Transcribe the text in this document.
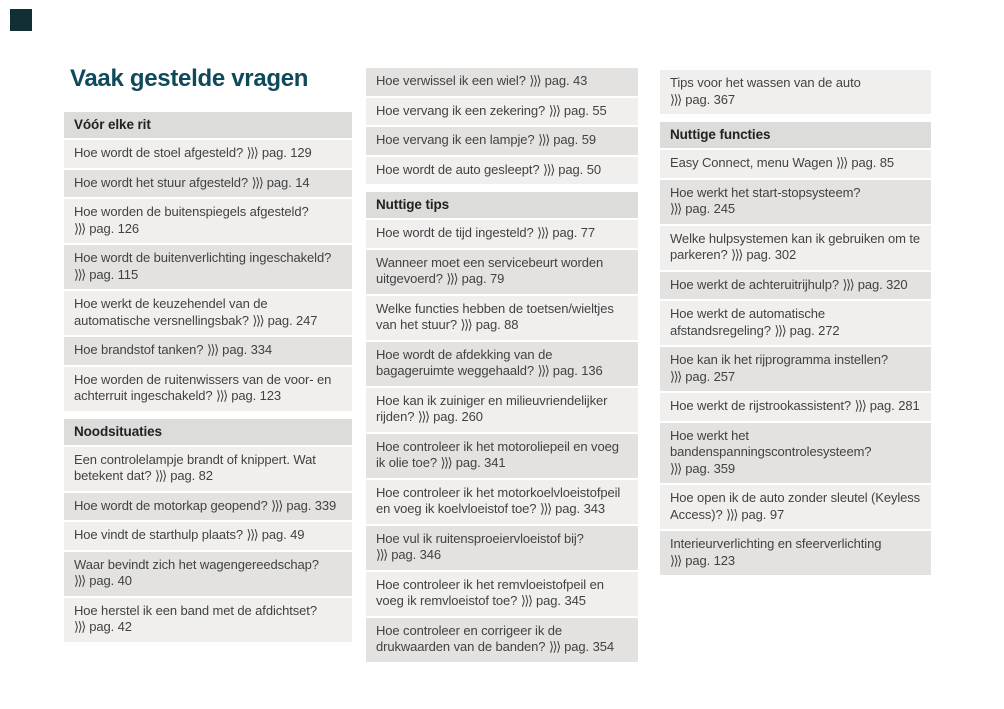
Vaak gestelde vragen
Vóór elke rit
Hoe wordt de stoel afgesteld? ⟩⟩⟩ pag. 129
Hoe wordt het stuur afgesteld? ⟩⟩⟩ pag. 14
Hoe worden de buitenspiegels afgesteld? ⟩⟩⟩ pag. 126
Hoe wordt de buitenverlichting ingeschakeld? ⟩⟩⟩ pag. 115
Hoe werkt de keuzehendel van de automatische versnellingsbak? ⟩⟩⟩ pag. 247
Hoe brandstof tanken? ⟩⟩⟩ pag. 334
Hoe worden de ruitenwissers van de voor- en achterruit ingeschakeld? ⟩⟩⟩ pag. 123
Noodsituaties
Een controlelampje brandt of knippert. Wat betekent dat? ⟩⟩⟩ pag. 82
Hoe wordt de motorkap geopend? ⟩⟩⟩ pag. 339
Hoe vindt de starthulp plaats? ⟩⟩⟩ pag. 49
Waar bevindt zich het wagengereedschap? ⟩⟩⟩ pag. 40
Hoe herstel ik een band met de afdichtset? ⟩⟩⟩ pag. 42
Hoe verwissel ik een wiel? ⟩⟩⟩ pag. 43
Hoe vervang ik een zekering? ⟩⟩⟩ pag. 55
Hoe vervang ik een lampje? ⟩⟩⟩ pag. 59
Hoe wordt de auto gesleept? ⟩⟩⟩ pag. 50
Nuttige tips
Hoe wordt de tijd ingesteld? ⟩⟩⟩ pag. 77
Wanneer moet een servicebeurt worden uitgevoerd? ⟩⟩⟩ pag. 79
Welke functies hebben de toetsen/wieltjes van het stuur? ⟩⟩⟩ pag. 88
Hoe wordt de afdekking van de bagageruimte weggehaald? ⟩⟩⟩ pag. 136
Hoe kan ik zuiniger en milieuvriendelijker rijden? ⟩⟩⟩ pag. 260
Hoe controleer ik het motoroliepeil en voeg ik olie toe? ⟩⟩⟩ pag. 341
Hoe controleer ik het motorkoelvloeistofpeil en voeg ik koelvloeistof toe? ⟩⟩⟩ pag. 343
Hoe vul ik ruitensproeiervloeistof bij? ⟩⟩⟩ pag. 346
Hoe controleer ik het remvloeistofpeil en voeg ik remvloeistof toe? ⟩⟩⟩ pag. 345
Hoe controleer en corrigeer ik de drukwaarden van de banden? ⟩⟩⟩ pag. 354
Tips voor het wassen van de auto ⟩⟩⟩ pag. 367
Nuttige functies
Easy Connect, menu Wagen ⟩⟩⟩ pag. 85
Hoe werkt het start-stopsysteem? ⟩⟩⟩ pag. 245
Welke hulpsystemen kan ik gebruiken om te parkeren? ⟩⟩⟩ pag. 302
Hoe werkt de achteruitrijhulp? ⟩⟩⟩ pag. 320
Hoe werkt de automatische afstandsregeling? ⟩⟩⟩ pag. 272
Hoe kan ik het rijprogramma instellen? ⟩⟩⟩ pag. 257
Hoe werkt de rijstrookassistent? ⟩⟩⟩ pag. 281
Hoe werkt het bandenspanningscontrolesysteem? ⟩⟩⟩ pag. 359
Hoe open ik de auto zonder sleutel (Keyless Access)? ⟩⟩⟩ pag. 97
Interieurverlichting en sfeerverlichting ⟩⟩⟩ pag. 123
